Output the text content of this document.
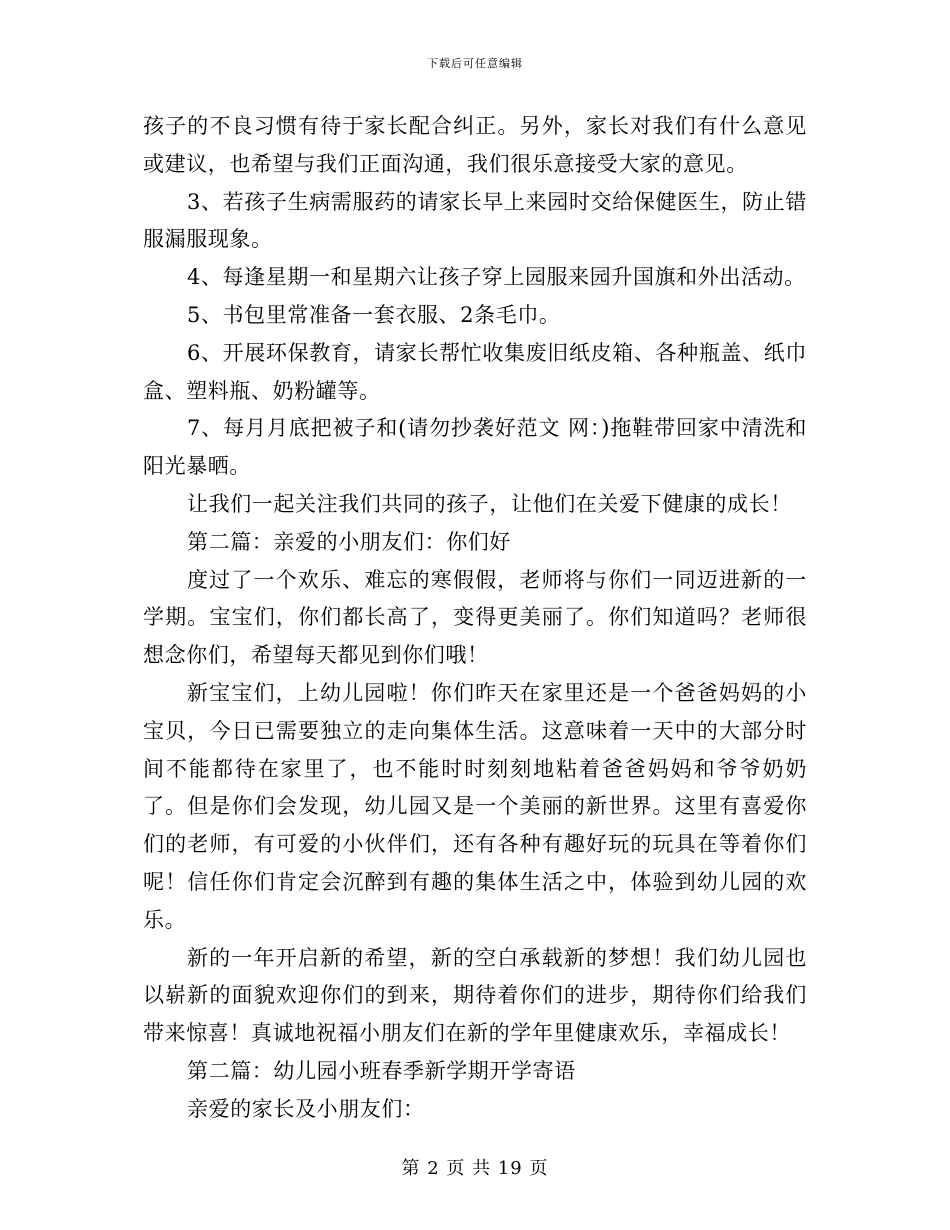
下载后可任意编辑

孩子的不良习惯有待于家长配合纠正。另外，家长对我们有什么意见或建议，也希望与我们正面沟通，我们很乐意接受大家的意见。

3、若孩子生病需服药的请家长早上来园时交给保健医生，防止错服漏服现象。

4、每逢星期一和星期六让孩子穿上园服来园升国旗和外出活动。

5、书包里常准备一套衣服、2条毛巾。

6、开展环保教育，请家长帮忙收集废旧纸皮箱、各种瓶盖、纸巾盒、塑料瓶、奶粉罐等。

7、每月月底把被子和(请勿抄袭好范文 网：)拖鞋带回家中清洗和阳光暴晒。

让我们一起关注我们共同的孩子，让他们在关爱下健康的成长！

第二篇：亲爱的小朋友们：你们好

度过了一个欢乐、难忘的寒假假，老师将与你们一同迈进新的一学期。宝宝们，你们都长高了，变得更美丽了。你们知道吗？老师很想念你们，希望每天都见到你们哦！

新宝宝们，上幼儿园啦！你们昨天在家里还是一个爸爸妈妈的小宝贝，今日已需要独立的走向集体生活。这意味着一天中的大部分时间不能都待在家里了，也不能时时刻刻地粘着爸爸妈妈和爷爷奶奶了。但是你们会发现，幼儿园又是一个美丽的新世界。这里有喜爱你们的老师，有可爱的小伙伴们，还有各种有趣好玩的玩具在等着你们呢！信任你们肯定会沉醉到有趣的集体生活之中，体验到幼儿园的欢乐。

新的一年开启新的希望，新的空白承载新的梦想！我们幼儿园也以崭新的面貌欢迎你们的到来，期待着你们的进步，期待你们给我们带来惊喜！真诚地祝福小朋友们在新的学年里健康欢乐，幸福成长！

第二篇：幼儿园小班春季新学期开学寄语

亲爱的家长及小朋友们：

第 2 页 共 19 页
